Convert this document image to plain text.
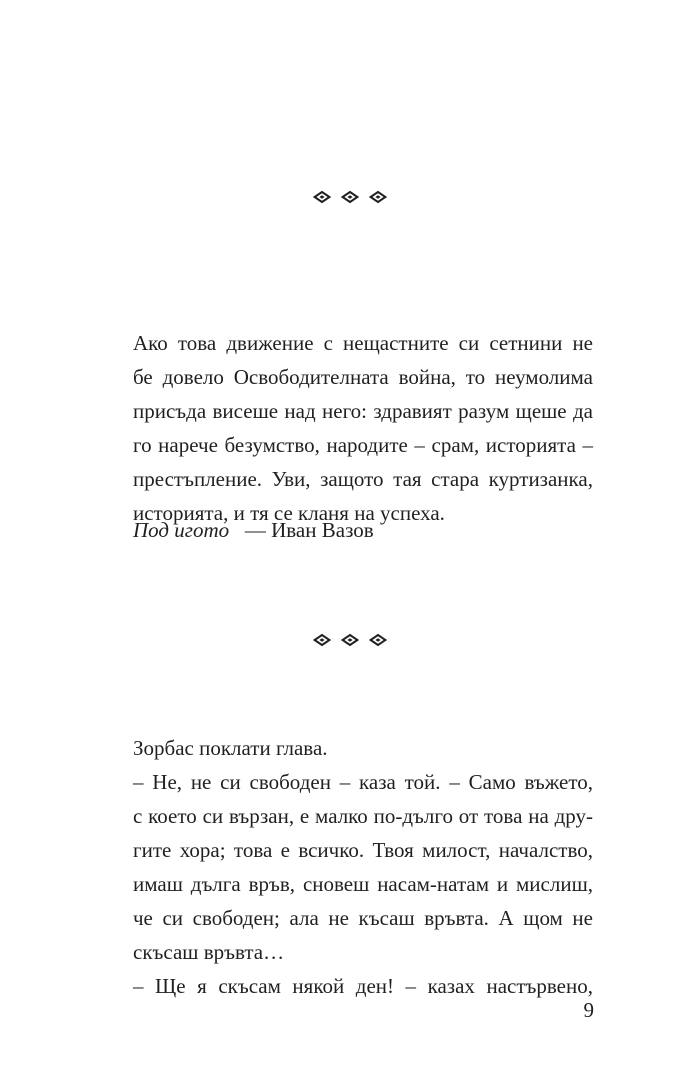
Ако това движение с нещастните си сетнини не
бе довело Освободителната война, то неумолима
присъда висеше над него: здравият разум щеше да
го нарече безумство, народите – срам, историята –
престъпление. Уви, защото тая стара куртизанка,
историята, и тя се кланя на успеха.
Под игото — Иван Вазов
Зорбас поклати глава.
– Не, не си свободен – каза той. – Само въжето,
с което си вързан, е малко по-дълго от това на дру-
гите хора; това е всичко. Твоя милост, началство,
имаш дълга връв, сновеш насам-натам и мислиш,
че си свободен; ала не късаш връвта. А щом не
скъсаш връвта…
– Ще я скъсам някой ден! – казах настървено,
9
